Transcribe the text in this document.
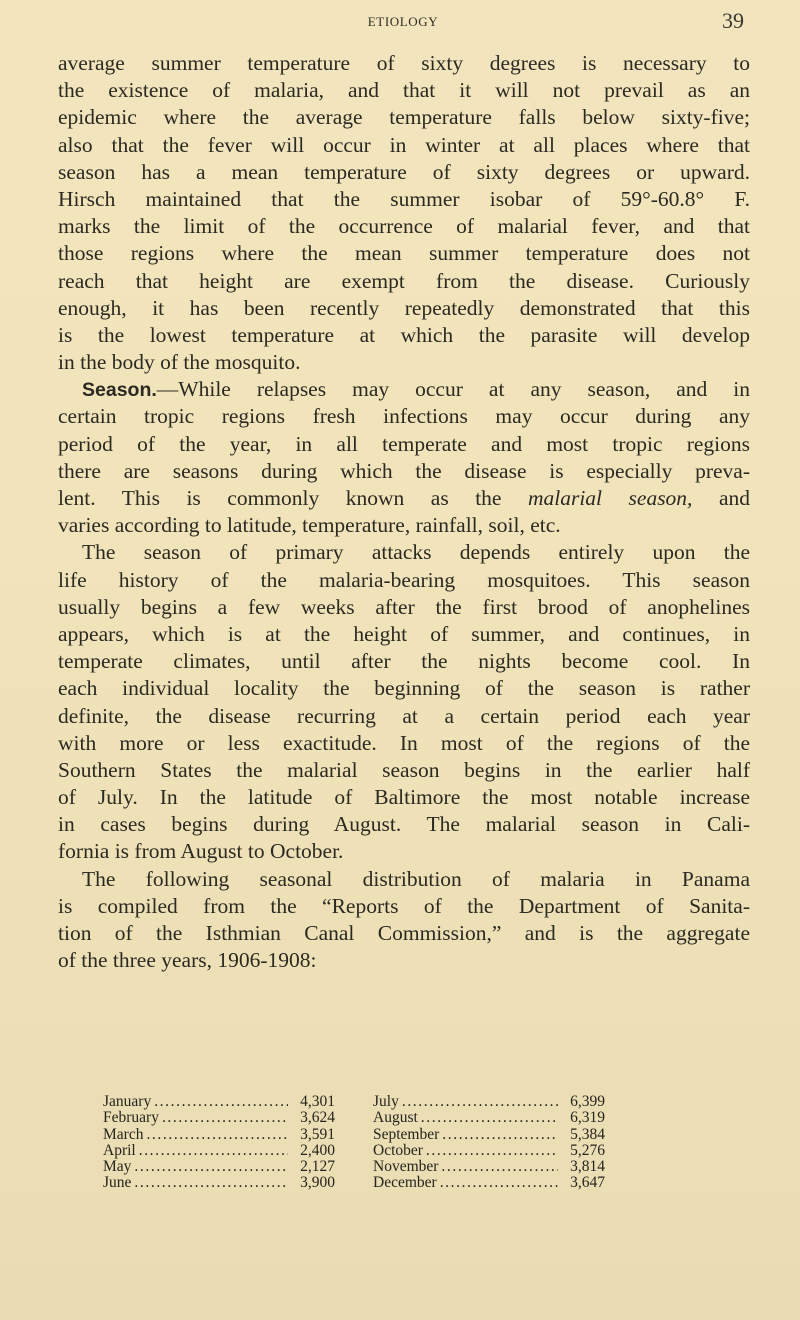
ETIOLOGY	39
average summer temperature of sixty degrees is necessary to
the existence of malaria, and that it will not prevail as an
epidemic where the average temperature falls below sixty-five;
also that the fever will occur in winter at all places where that
season has a mean temperature of sixty degrees or upward.
Hirsch maintained that the summer isobar of 59°-60.8° F.
marks the limit of the occurrence of malarial fever, and that
those regions where the mean summer temperature does not
reach that height are exempt from the disease. Curiously
enough, it has been recently repeatedly demonstrated that this
is the lowest temperature at which the parasite will develop
in the body of the mosquito.
Season.—While relapses may occur at any season, and in
certain tropic regions fresh infections may occur during any
period of the year, in all temperate and most tropic regions
there are seasons during which the disease is especially preva-
lent. This is commonly known as the malarial season, and
varies according to latitude, temperature, rainfall, soil, etc.
The season of primary attacks depends entirely upon the
life history of the malaria-bearing mosquitoes. This season
usually begins a few weeks after the first brood of anophelines
appears, which is at the height of summer, and continues, in
temperate climates, until after the nights become cool. In
each individual locality the beginning of the season is rather
definite, the disease recurring at a certain period each year
with more or less exactitude. In most of the regions of the
Southern States the malarial season begins in the earlier half
of July. In the latitude of Baltimore the most notable increase
in cases begins during August. The malarial season in Cali-
fornia is from August to October.
The following seasonal distribution of malaria in Panama
is compiled from the “Reports of the Department of Sanita-
tion of the Isthmian Canal Commission,” and is the aggregate
of the three years, 1906-1908:
January .....	4,301
February .....	3,624
March .....	3,591
April .....	2,400
May .....	2,127
June .....	3,900
July .....	6,399
August .....	6,319
September .....	5,384
October .....	5,276
November .....	3,814
December .....	3,647
